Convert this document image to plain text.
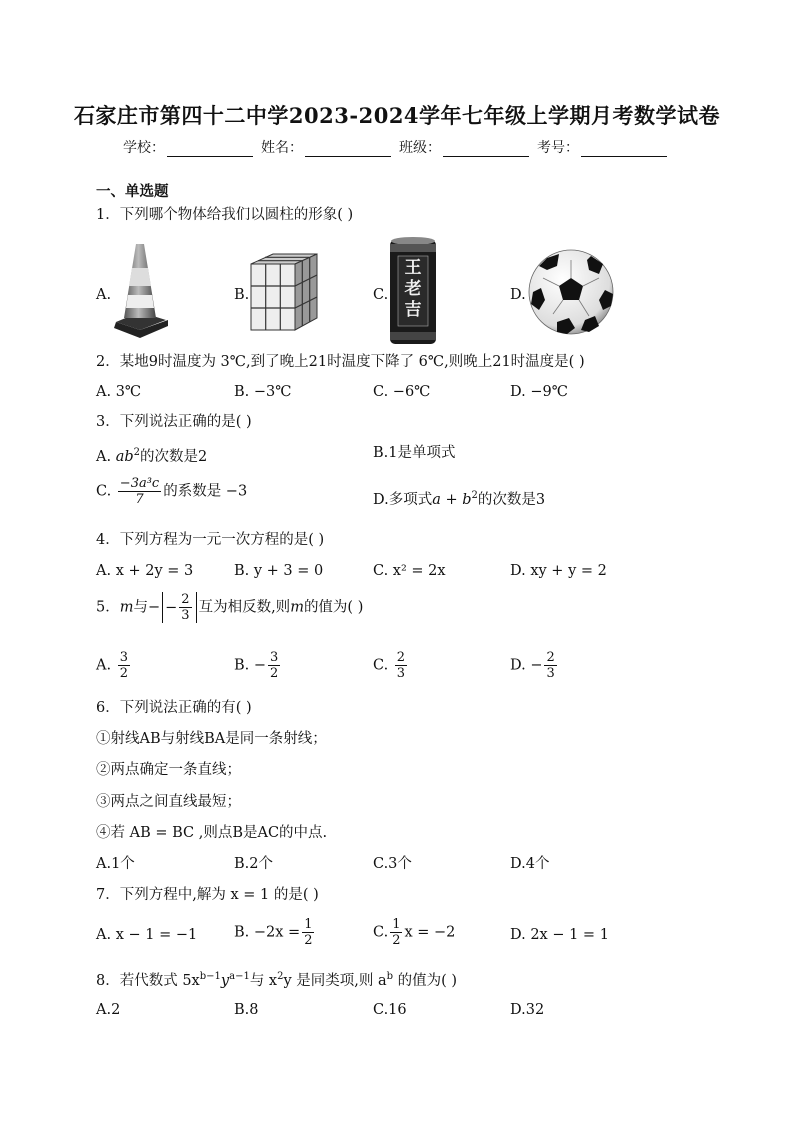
石家庄市第四十二中学2023-2024学年七年级上学期月考数学试卷
学校：	姓名：	班级：	考号：
一、单选题
1．下列哪个物体给我们以圆柱的形象( )
A.	B.	C.	D.
王老吉
2．某地9时温度为 3℃,到了晚上21时温度下降了 6℃,则晚上21时温度是( )
A. 3℃	B. −3℃	C. −6℃	D. −9℃
3．下列说法正确的是( )
A. $ab^2$的次数是2	B.1是单项式
C. $\frac{\text{−3a³c}}{7}$ 的系数是 −3
D.多项式$a + b^2$的次数是3
4．下列方程为一元一次方程的是( )
A. x + 2y = 3	B. y + 3 = 0	C. x² = 2x	D. xy + y = 2
5．m与− − $\frac{2}{3}$ 互为相反数,则m的值为( )
A. $\frac{3}{2}$	B. − $\frac{3}{2}$	C. $\frac{2}{3}$	D. − $\frac{2}{3}$
6．下列说法正确的有( )
①射线AB与射线BA是同一条射线；
②两点确定一条直线；
③两点之间直线最短；
④若 AB = BC ,则点B是AC的中点.
A.1个	B.2个	C.3个	D.4个
7．下列方程中,解为 x = 1 的是( )
A. x − 1 = −1	B. $-2x = \frac{1}{2}$	C. $\frac{1}{2}$ x = −2	D. 2x − 1 = 1
8．若代数式 $5x^{b-1}y^{a-1}$与 $x^2y$ 是同类项,则 $a^b$ 的值为( )
A.2	B.8	C.16	D.32
